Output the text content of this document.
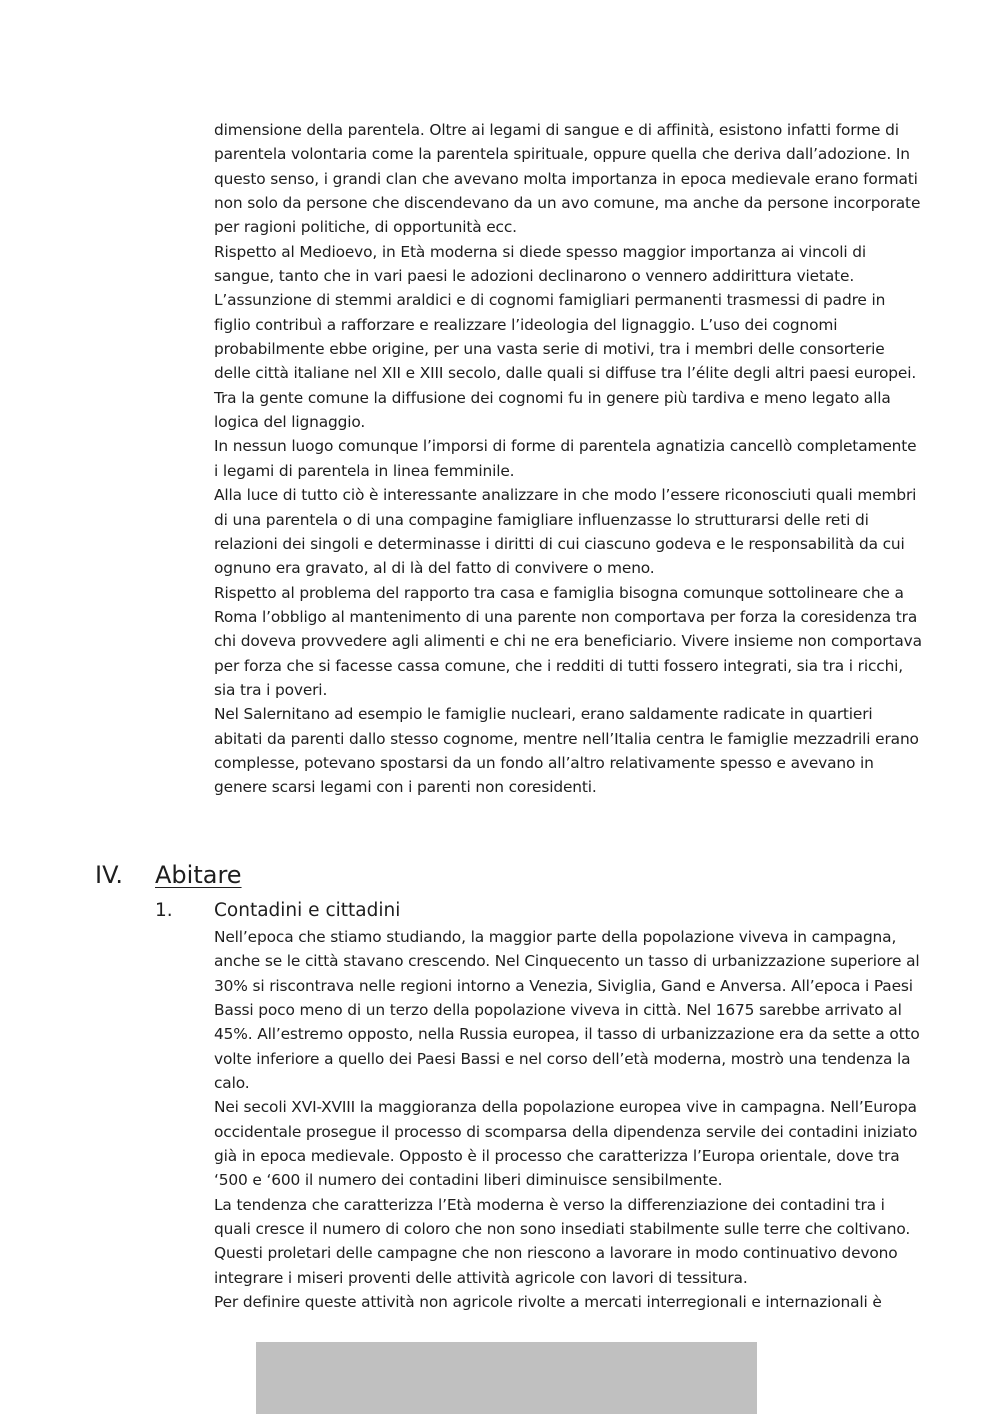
dimensione della parentela. Oltre ai legami di sangue e di affinità, esistono infatti forme di
parentela volontaria come la parentela spirituale, oppure quella che deriva dall’adozione. In
questo senso, i grandi clan che avevano molta importanza in epoca medievale erano formati
non solo da persone che discendevano da un avo comune, ma anche da persone incorporate
per ragioni politiche, di opportunità ecc.
Rispetto al Medioevo, in Età moderna si diede spesso maggior importanza ai vincoli di
sangue, tanto che in vari paesi le adozioni declinarono o vennero addirittura vietate.
L’assunzione di stemmi araldici e di cognomi famigliari permanenti trasmessi di padre in
figlio contribuì a rafforzare e realizzare l’ideologia del lignaggio. L’uso dei cognomi
probabilmente ebbe origine, per una vasta serie di motivi, tra i membri delle consorterie
delle città italiane nel XII e XIII secolo, dalle quali si diffuse tra l’élite degli altri paesi europei.
Tra la gente comune la diffusione dei cognomi fu in genere più tardiva e meno legato alla
logica del lignaggio.
In nessun luogo comunque l’imporsi di forme di parentela agnatizia cancellò completamente
i legami di parentela in linea femminile.
Alla luce di tutto ciò è interessante analizzare in che modo l’essere riconosciuti quali membri
di una parentela o di una compagine famigliare influenzasse lo strutturarsi delle reti di
relazioni dei singoli e determinasse i diritti di cui ciascuno godeva e le responsabilità da cui
ognuno era gravato, al di là del fatto di convivere o meno.
Rispetto al problema del rapporto tra casa e famiglia bisogna comunque sottolineare che a
Roma l’obbligo al mantenimento di una parente non comportava per forza la coresidenza tra
chi doveva provvedere agli alimenti e chi ne era beneficiario. Vivere insieme non comportava
per forza che si facesse cassa comune, che i redditi di tutti fossero integrati, sia tra i ricchi,
sia tra i poveri.
Nel Salernitano ad esempio le famiglie nucleari, erano saldamente radicate in quartieri
abitati da parenti dallo stesso cognome, mentre nell’Italia centra le famiglie mezzadrili erano
complesse, potevano spostarsi da un fondo all’altro relativamente spesso e avevano in
genere scarsi legami con i parenti non coresidenti.
IV.	Abitare
1. Contadini e cittadini
Nell’epoca che stiamo studiando, la maggior parte della popolazione viveva in campagna,
anche se le città stavano crescendo. Nel Cinquecento un tasso di urbanizzazione superiore al
30% si riscontrava nelle regioni intorno a Venezia, Siviglia, Gand e Anversa. All’epoca i Paesi
Bassi poco meno di un terzo della popolazione viveva in città. Nel 1675 sarebbe arrivato al
45%. All’estremo opposto, nella Russia europea, il tasso di urbanizzazione era da sette a otto
volte inferiore a quello dei Paesi Bassi e nel corso dell’età moderna, mostrò una tendenza la
calo.
Nei secoli XVI-XVIII la maggioranza della popolazione europea vive in campagna. Nell’Europa
occidentale prosegue il processo di scomparsa della dipendenza servile dei contadini iniziato
già in epoca medievale. Opposto è il processo che caratterizza l’Europa orientale, dove tra
‘500 e ‘600 il numero dei contadini liberi diminuisce sensibilmente.
La tendenza che caratterizza l’Età moderna è verso la differenziazione dei contadini tra i
quali cresce il numero di coloro che non sono insediati stabilmente sulle terre che coltivano.
Questi proletari delle campagne che non riescono a lavorare in modo continuativo devono
integrare i miseri proventi delle attività agricole con lavori di tessitura.
Per definire queste attività non agricole rivolte a mercati interregionali e internazionali è
